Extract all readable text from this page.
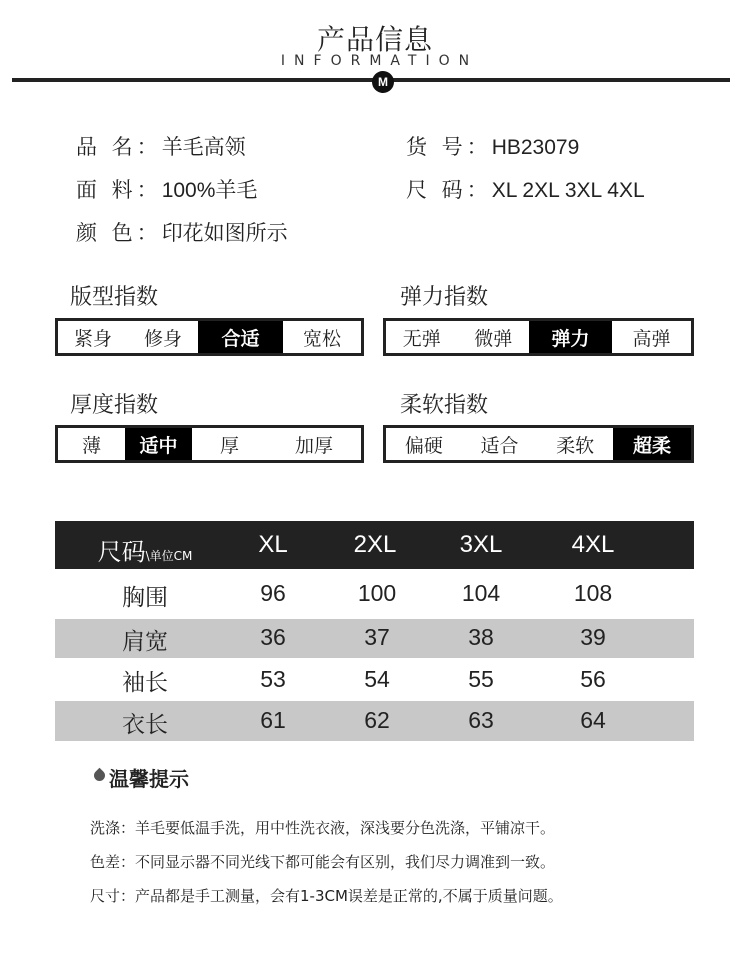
产品信息
INFORMATION
M
品 名：羊毛高领	货 号：HB23079
面 料：100%羊毛	尺 码：XL 2XL 3XL 4XL
颜 色：印花如图所示
版型指数
紧身 修身 合适 宽松
弹力指数
无弹 微弹 弹力 高弹
厚度指数
薄 适中 厚	加厚
柔软指数
偏硬 适合 柔软 超柔
尺码\单位CM	XL	2XL	3XL	4XL
胸围	96	100	104	108
肩宽	36	37	38	39
袖长	53	54	55	56
衣长	61	62	63	64
温馨提示
洗涤：羊毛要低温手洗，用中性洗衣液，深浅要分色洗涤，平铺凉干。
色差：不同显示器不同光线下都可能会有区别，我们尽力调准到一致。
尺寸：产品都是手工测量，会有1-3CM误差是正常的,不属于质量问题。
